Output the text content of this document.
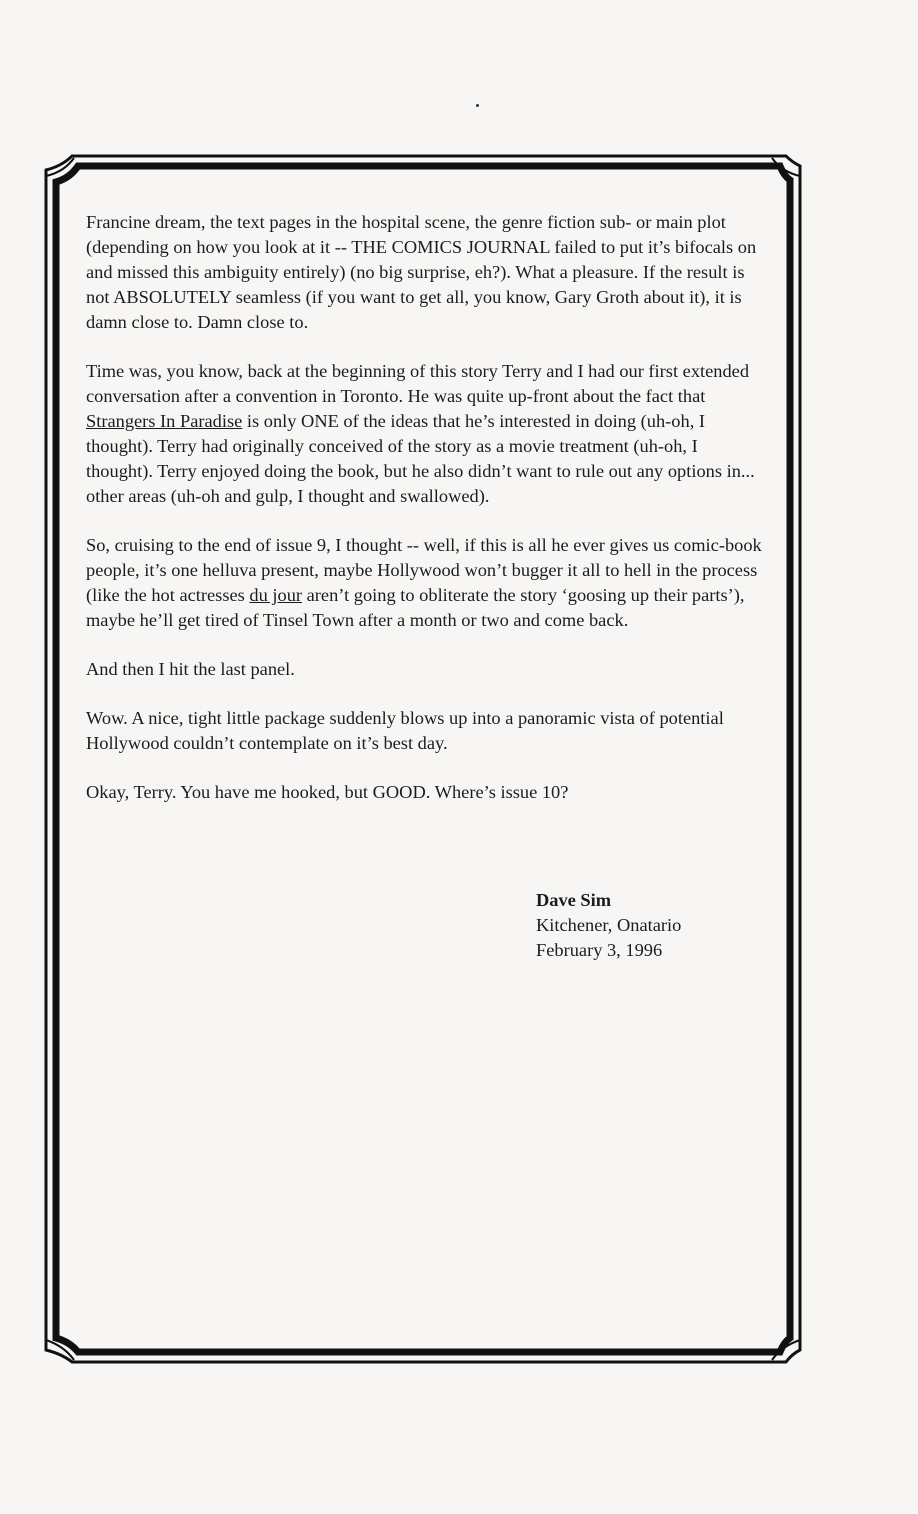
Francine dream, the text pages in the hospital scene, the genre fiction sub- or main plot (depending on how you look at it -- THE COMICS JOURNAL failed to put it’s bifocals on and missed this ambiguity entirely) (no big surprise, eh?). What a pleasure. If the result is not ABSOLUTELY seamless (if you want to get all, you know, Gary Groth about it), it is damn close to. Damn close to.

Time was, you know, back at the beginning of this story Terry and I had our first extended conversation after a convention in Toronto. He was quite up-front about the fact that Strangers In Paradise is only ONE of the ideas that he’s interested in doing (uh-oh, I thought). Terry had originally conceived of the story as a movie treatment (uh-oh, I thought). Terry enjoyed doing the book, but he also didn’t want to rule out any options in... other areas (uh-oh and gulp, I thought and swallowed).

So, cruising to the end of issue 9, I thought -- well, if this is all he ever gives us comic-book people, it’s one helluva present, maybe Hollywood won’t bugger it all to hell in the process (like the hot actresses du jour aren’t going to obliterate the story ‘goosing up their parts’), maybe he’ll get tired of Tinsel Town after a month or two and come back.

And then I hit the last panel.

Wow. A nice, tight little package suddenly blows up into a panoramic vista of potential Hollywood couldn’t contemplate on it’s best day.

Okay, Terry. You have me hooked, but GOOD. Where’s issue 10?

Dave Sim
Kitchener, Onatario
February 3, 1996
